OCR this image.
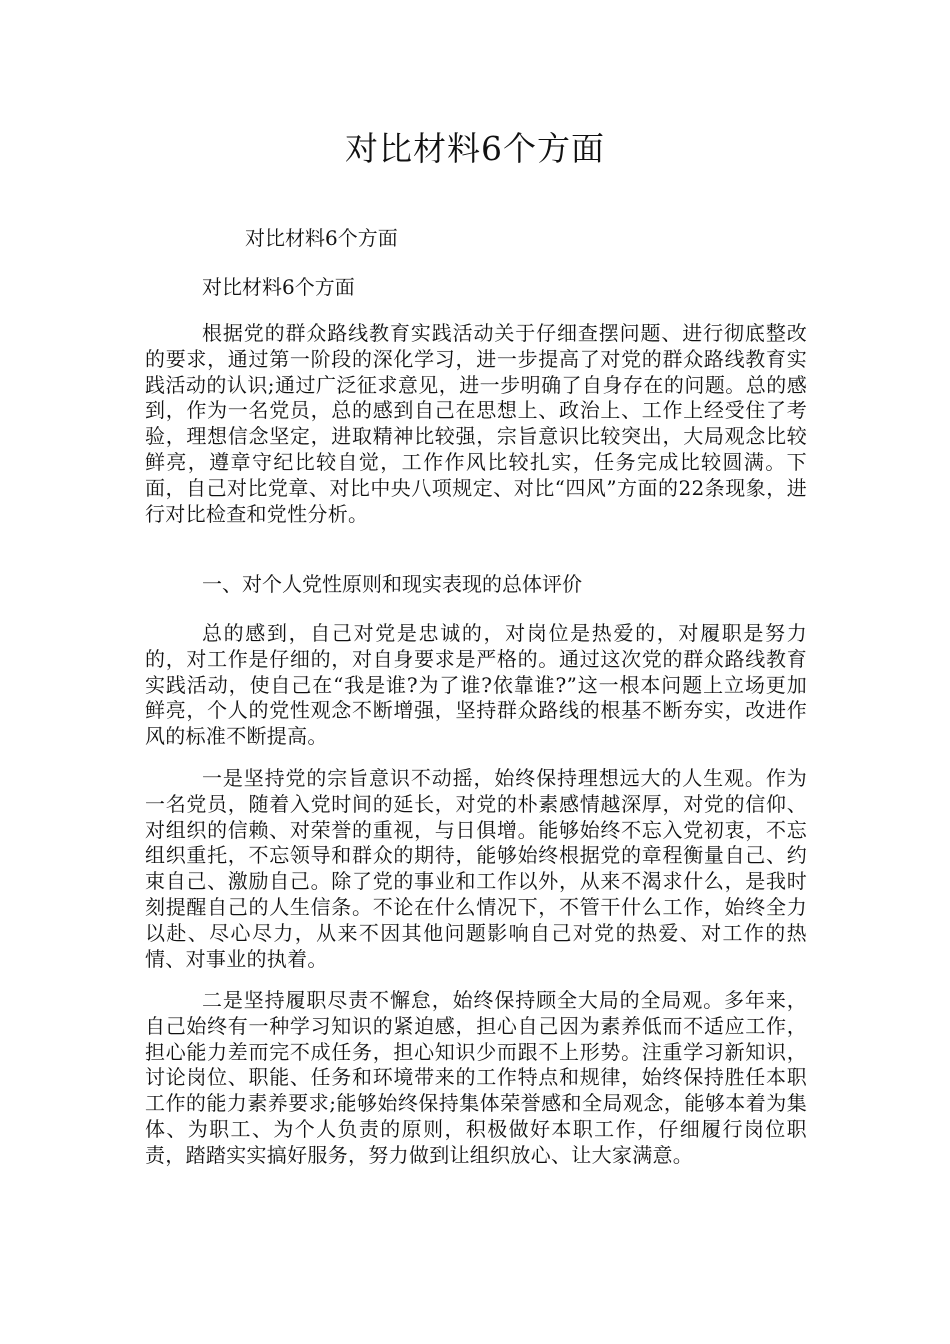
对比材料6个方面

对比材料6个方面

对比材料6个方面

根据党的群众路线教育实践活动关于仔细查摆问题、进行彻底整改的要求，通过第一阶段的深化学习，进一步提高了对党的群众路线教育实践活动的认识;通过广泛征求意见，进一步明确了自身存在的问题。总的感到，作为一名党员，总的感到自己在思想上、政治上、工作上经受住了考验，理想信念坚定，进取精神比较强，宗旨意识比较突出，大局观念比较鲜亮，遵章守纪比较自觉，工作作风比较扎实，任务完成比较圆满。下面，自己对比党章、对比中央八项规定、对比“四风”方面的22条现象，进行对比检查和党性分析。

一、对个人党性原则和现实表现的总体评价

总的感到，自己对党是忠诚的，对岗位是热爱的，对履职是努力的，对工作是仔细的，对自身要求是严格的。通过这次党的群众路线教育实践活动，使自己在“我是谁?为了谁?依靠谁?”这一根本问题上立场更加鲜亮，个人的党性观念不断增强，坚持群众路线的根基不断夯实，改进作风的标准不断提高。

一是坚持党的宗旨意识不动摇，始终保持理想远大的人生观。作为一名党员，随着入党时间的延长，对党的朴素感情越深厚，对党的信仰、对组织的信赖、对荣誉的重视，与日俱增。能够始终不忘入党初衷，不忘组织重托，不忘领导和群众的期待，能够始终根据党的章程衡量自己、约束自己、激励自己。除了党的事业和工作以外，从来不渴求什么，是我时刻提醒自己的人生信条。不论在什么情况下，不管干什么工作，始终全力以赴、尽心尽力，从来不因其他问题影响自己对党的热爱、对工作的热情、对事业的执着。

二是坚持履职尽责不懈怠，始终保持顾全大局的全局观。多年来，自己始终有一种学习知识的紧迫感，担心自己因为素养低而不适应工作，担心能力差而完不成任务，担心知识少而跟不上形势。注重学习新知识，讨论岗位、职能、任务和环境带来的工作特点和规律，始终保持胜任本职工作的能力素养要求;能够始终保持集体荣誉感和全局观念，能够本着为集体、为职工、为个人负责的原则，积极做好本职工作，仔细履行岗位职责，踏踏实实搞好服务，努力做到让组织放心、让大家满意。
